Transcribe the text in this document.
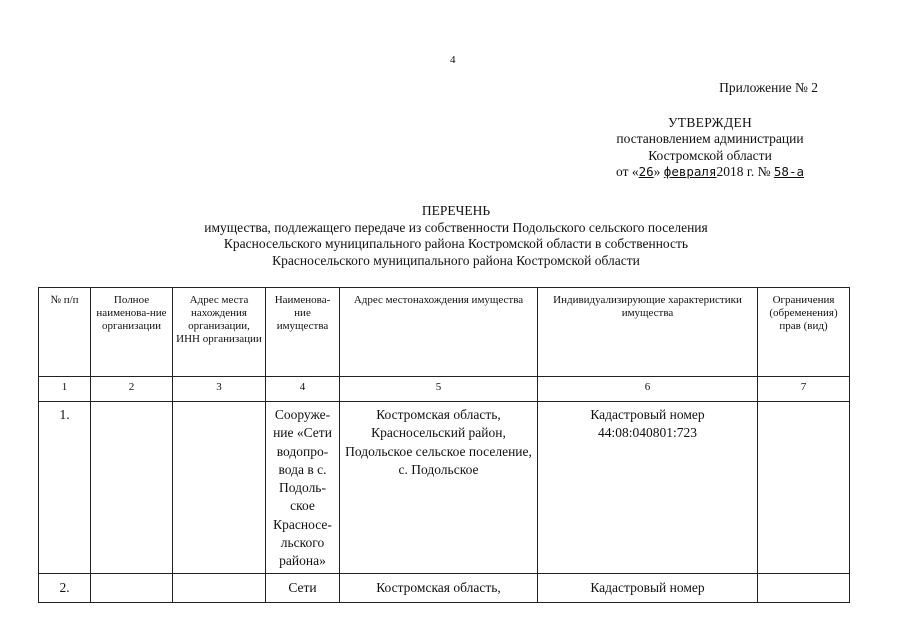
4
Приложение № 2
УТВЕРЖДЕН
постановлением администрации
Костромской области
от «26» февраля2018 г. № 58-а
ПЕРЕЧЕНЬ
имущества, подлежащего передаче из собственности Подольского сельского поселения
Красносельского муниципального района Костромской области в собственность
Красносельского муниципального района Костромской области
№ п/п	Полное наименова-ние организации	Адрес места нахождения организации, ИНН организации	Наименова-ние имущества	Адрес местонахождения имущества	Индивидуализирующие характеристики имущества	Ограничения (обременения) прав (вид)
1	2	3	4	5	6	7
1.			Сооруже-ние «Сети водопро-вода в с. Подоль-ское Красносе-льского района»	Костромская область, Красносельский район, Подольское сельское поселение, с. Подольское	Кадастровый номер 44:08:040801:723	
2.			Сети	Костромская область,	Кадастровый номер	
